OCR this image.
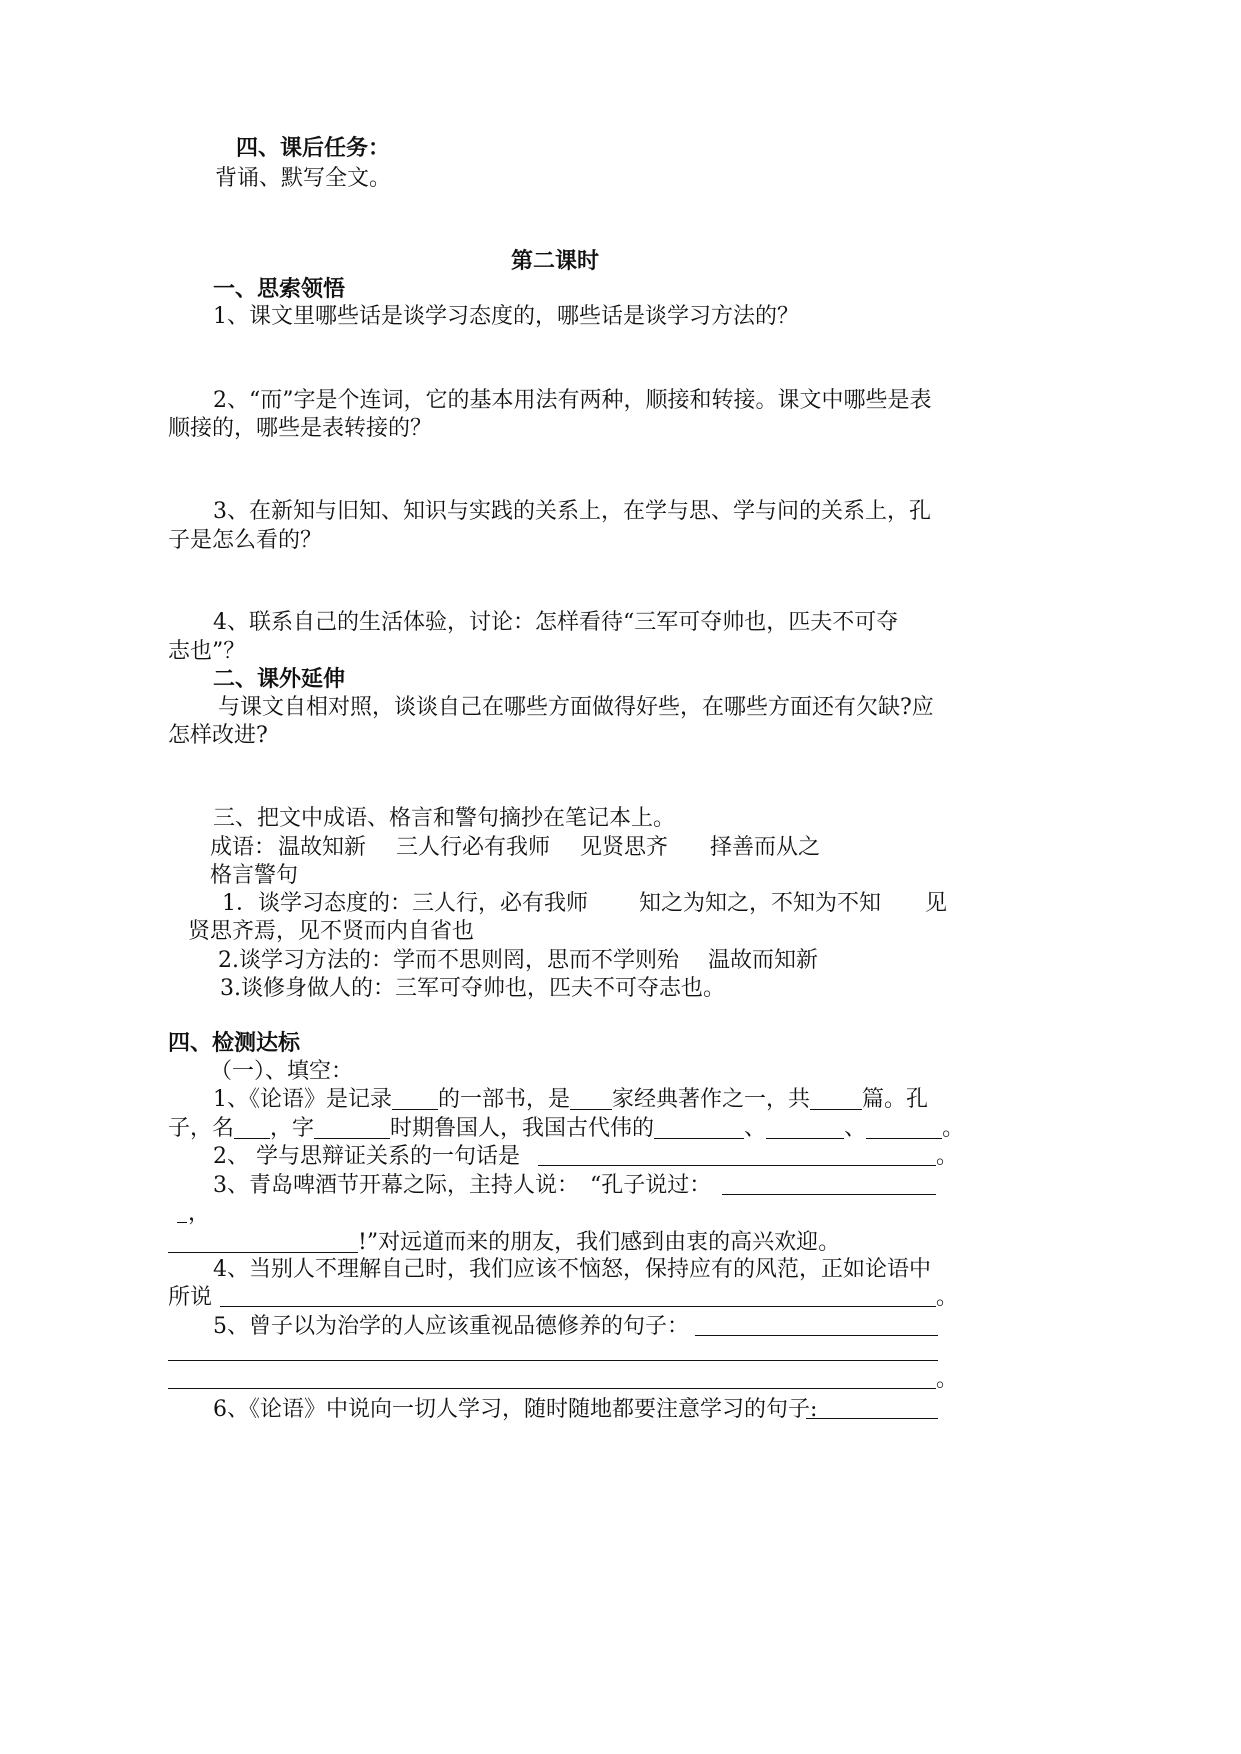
四、课后任务：
背诵、默写全文。
第二课时
一、思索领悟
1、课文里哪些话是谈学习态度的，哪些话是谈学习方法的？
2、“而”字是个连词，它的基本用法有两种，顺接和转接。课文中哪些是表
顺接的，哪些是表转接的？
3、在新知与旧知、知识与实践的关系上，在学与思、学与问的关系上，孔
子是怎么看的？
4、联系自己的生活体验，讨论：怎样看待“三军可夺帅也，匹夫不可夺
志也”？
二、课外延伸
与课文自相对照，谈谈自己在哪些方面做得好些，在哪些方面还有欠缺?应
怎样改进?
三、把文中成语、格言和警句摘抄在笔记本上。
成语： 温故知新 三人行必有我师 见贤思齐 择善而从之
格言警句
1．谈学习态度的：三人行，必有我师　　 知之为知之，不知为不知　　见
贤思齐焉，见不贤而内自省也
2.谈学习方法的：学而不思则罔，思而不学则殆　 温故而知新
3.谈修身做人的：三军可夺帅也，匹夫不可夺志也。
四、检测达标
（一）、填空：
1、《论语》是记录 的一部书，是 家经典著作之一，共 篇。孔
子，名 ，字	时期鲁国人，我国古代伟的	、	、	。
2、 学与思辩证关系的一句话是	。
3、青岛啤酒节开幕之际，主持人说：　“孔子说过：
，
!”对远道而来的朋友，我们感到由衷的高兴欢迎。
4、当别人不理解自己时，我们应该不恼怒，保持应有的风范，正如论语中
所说	。
5、曾子以为治学的人应该重视品德修养的句子：
。
6、《论语》中说向一切人学习，随时随地都要注意学习的句子:
